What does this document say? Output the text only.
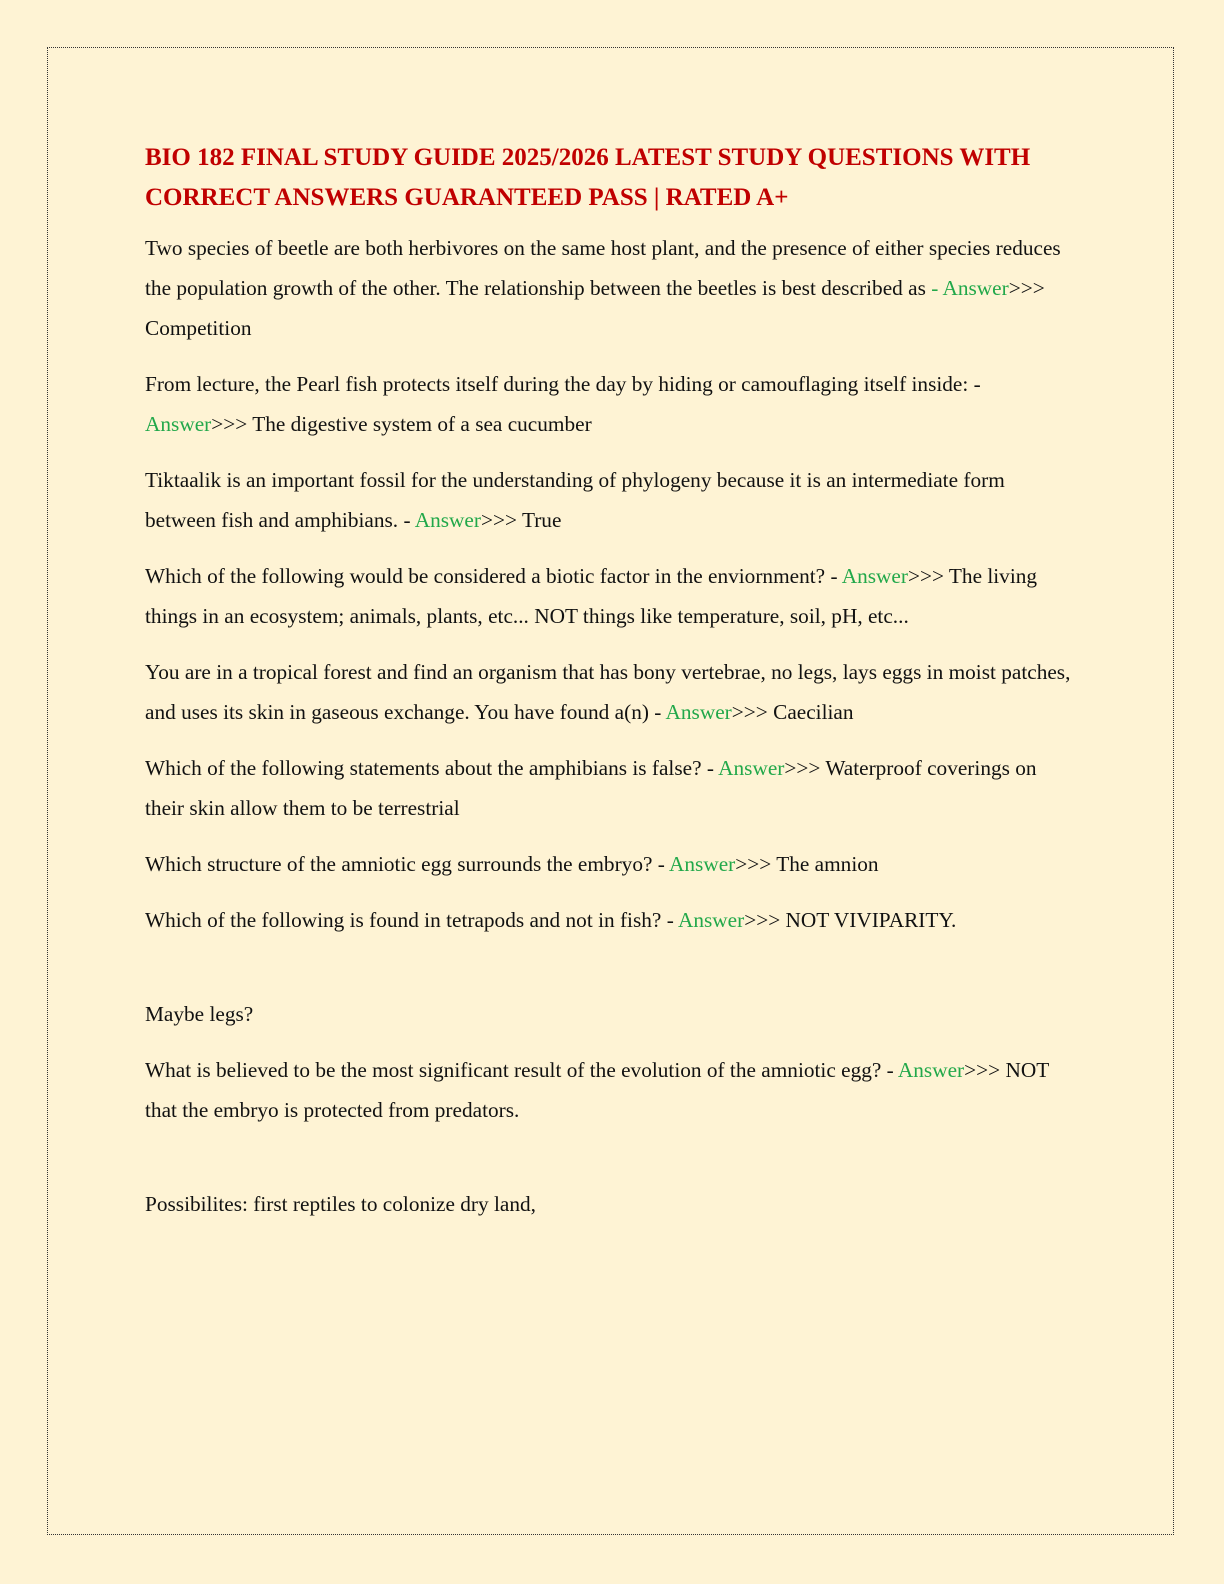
BIO 182 FINAL STUDY GUIDE 2025/2026 LATEST STUDY QUESTIONS WITH CORRECT ANSWERS GUARANTEED PASS | RATED A+

Two species of beetle are both herbivores on the same host plant, and the presence of either species reduces the population growth of the other. The relationship between the beetles is best described as - Answer>>> Competition

From lecture, the Pearl fish protects itself during the day by hiding or camouflaging itself inside: - Answer>>> The digestive system of a sea cucumber

Tiktaalik is an important fossil for the understanding of phylogeny because it is an intermediate form between fish and amphibians. - Answer>>> True

Which of the following would be considered a biotic factor in the enviornment? - Answer>>> The living things in an ecosystem; animals, plants, etc... NOT things like temperature, soil, pH, etc...

You are in a tropical forest and find an organism that has bony vertebrae, no legs, lays eggs in moist patches, and uses its skin in gaseous exchange. You have found a(n) - Answer>>> Caecilian

Which of the following statements about the amphibians is false? - Answer>>> Waterproof coverings on their skin allow them to be terrestrial

Which structure of the amniotic egg surrounds the embryo? - Answer>>> The amnion

Which of the following is found in tetrapods and not in fish? - Answer>>> NOT VIVIPARITY.

Maybe legs?

What is believed to be the most significant result of the evolution of the amniotic egg? - Answer>>> NOT that the embryo is protected from predators.

Possibilites: first reptiles to colonize dry land,
